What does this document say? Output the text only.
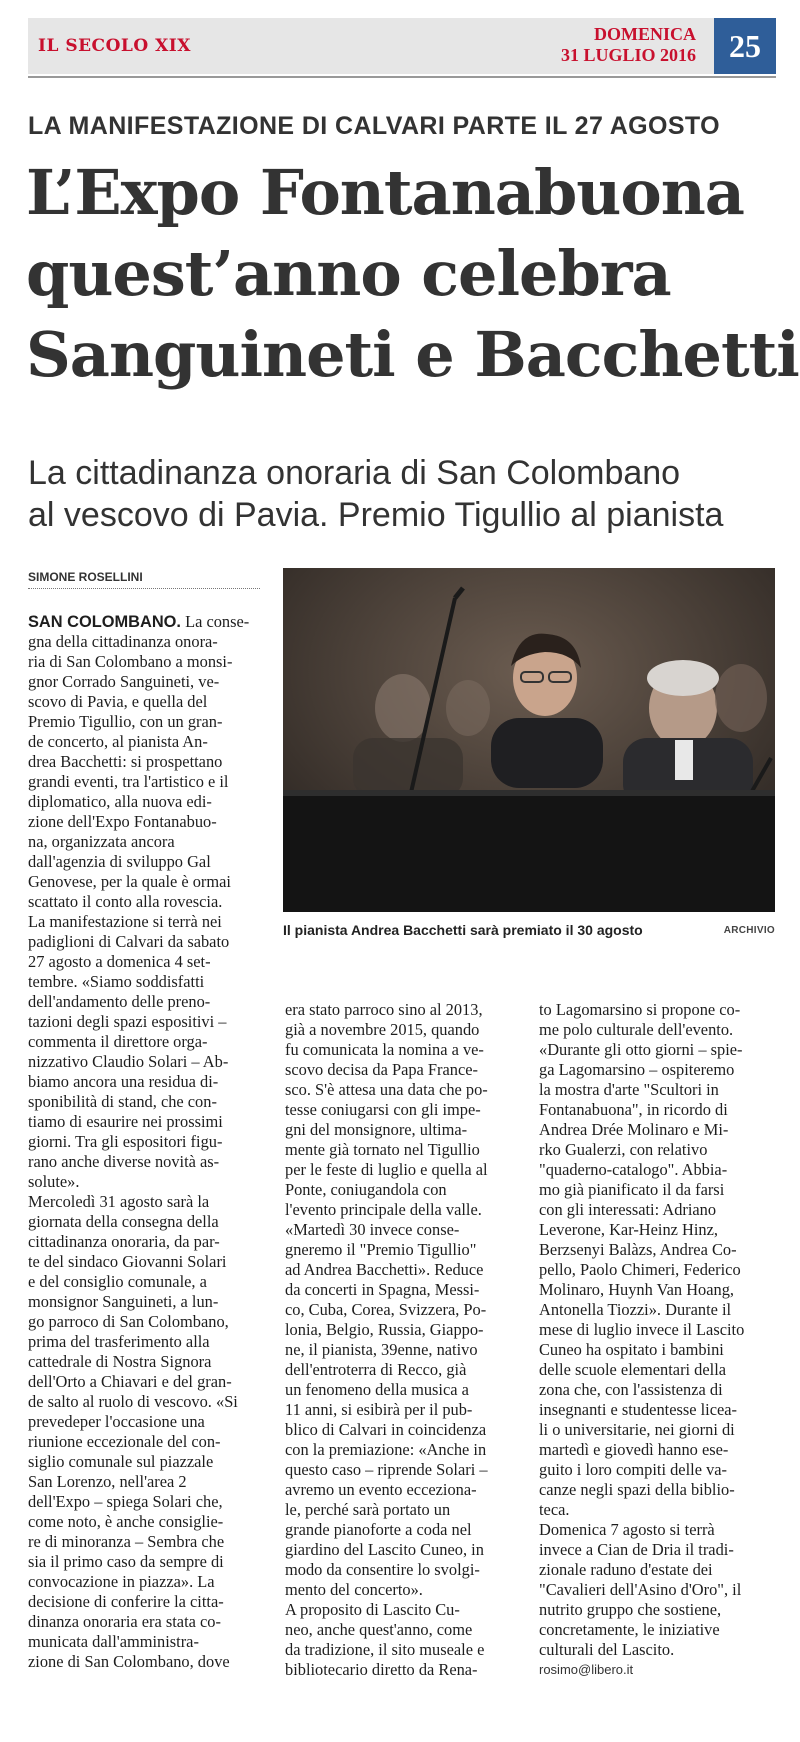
IL SECOLO XIX
DOMENICA
31 LUGLIO 2016	25
LA MANIFESTAZIONE DI CALVARI PARTE IL 27 AGOSTO
L’Expo Fontanabuona
quest’anno celebra
Sanguineti e Bacchetti
La cittadinanza onoraria di San Colombano
al vescovo di Pavia. Premio Tigullio al pianista
SIMONE ROSELLINI
Il pianista Andrea Bacchetti sarà premiato il 30 agosto	ARCHIVIO
SAN COLOMBANO. La conse-
gna della cittadinanza onora-
ria di San Colombano a monsi-
gnor Corrado Sanguineti, ve-
scovo di Pavia, e quella del
Premio Tigullio, con un gran-
de concerto, al pianista An-
drea Bacchetti: si prospettano
grandi eventi, tra l'artistico e il
diplomatico, alla nuova edi-
zione dell'Expo Fontanabuo-
na, organizzata ancora
dall'agenzia di sviluppo Gal
Genovese, per la quale è ormai
scattato il conto alla rovescia.
La manifestazione si terrà nei
padiglioni di Calvari da sabato
27 agosto a domenica 4 set-
tembre. «Siamo soddisfatti
dell'andamento delle preno-
tazioni degli spazi espositivi –
commenta il direttore orga-
nizzativo Claudio Solari – Ab-
biamo ancora una residua di-
sponibilità di stand, che con-
tiamo di esaurire nei prossimi
giorni. Tra gli espositori figu-
rano anche diverse novità as-
solute».
Mercoledì 31 agosto sarà la
giornata della consegna della
cittadinanza onoraria, da par-
te del sindaco Giovanni Solari
e del consiglio comunale, a
monsignor Sanguineti, a lun-
go parroco di San Colombano,
prima del trasferimento alla
cattedrale di Nostra Signora
dell'Orto a Chiavari e del gran-
de salto al ruolo di vescovo. «Si
prevedeper l'occasione una
riunione eccezionale del con-
siglio comunale sul piazzale
San Lorenzo, nell'area 2
dell'Expo – spiega Solari che,
come noto, è anche consiglie-
re di minoranza – Sembra che
sia il primo caso da sempre di
convocazione in piazza». La
decisione di conferire la citta-
dinanza onoraria era stata co-
municata dall'amministra-
zione di San Colombano, dove
era stato parroco sino al 2013,
già a novembre 2015, quando
fu comunicata la nomina a ve-
scovo decisa da Papa France-
sco. S'è attesa una data che po-
tesse coniugarsi con gli impe-
gni del monsignore, ultima-
mente già tornato nel Tigullio
per le feste di luglio e quella al
Ponte, coniugandola con
l'evento principale della valle.
«Martedì 30 invece conse-
gneremo il "Premio Tigullio"
ad Andrea Bacchetti». Reduce
da concerti in Spagna, Messi-
co, Cuba, Corea, Svizzera, Po-
lonia, Belgio, Russia, Giappo-
ne, il pianista, 39enne, nativo
dell'entroterra di Recco, già
un fenomeno della musica a
11 anni, si esibirà per il pub-
blico di Calvari in coincidenza
con la premiazione: «Anche in
questo caso – riprende Solari –
avremo un evento ecceziona-
le, perché sarà portato un
grande pianoforte a coda nel
giardino del Lascito Cuneo, in
modo da consentire lo svolgi-
mento del concerto».
A proposito di Lascito Cu-
neo, anche quest'anno, come
da tradizione, il sito museale e
bibliotecario diretto da Rena-
to Lagomarsino si propone co-
me polo culturale dell'evento.
«Durante gli otto giorni – spie-
ga Lagomarsino – ospiteremo
la mostra d'arte "Scultori in
Fontanabuona", in ricordo di
Andrea Drée Molinaro e Mi-
rko Gualerzi, con relativo
"quaderno-catalogo". Abbia-
mo già pianificato il da farsi
con gli interessati: Adriano
Leverone, Kar-Heinz Hinz,
Berzsenyi Balàzs, Andrea Co-
pello, Paolo Chimeri, Federico
Molinaro, Huynh Van Hoang,
Antonella Tiozzi». Durante il
mese di luglio invece il Lascito
Cuneo ha ospitato i bambini
delle scuole elementari della
zona che, con l'assistenza di
insegnanti e studentesse licea-
li o universitarie, nei giorni di
martedì e giovedì hanno ese-
guito i loro compiti delle va-
canze negli spazi della biblio-
teca.
Domenica 7 agosto si terrà
invece a Cian de Dria il tradi-
zionale raduno d'estate dei
"Cavalieri dell'Asino d'Oro", il
nutrito gruppo che sostiene,
concretamente, le iniziative
culturali del Lascito.
rosimo@libero.it
